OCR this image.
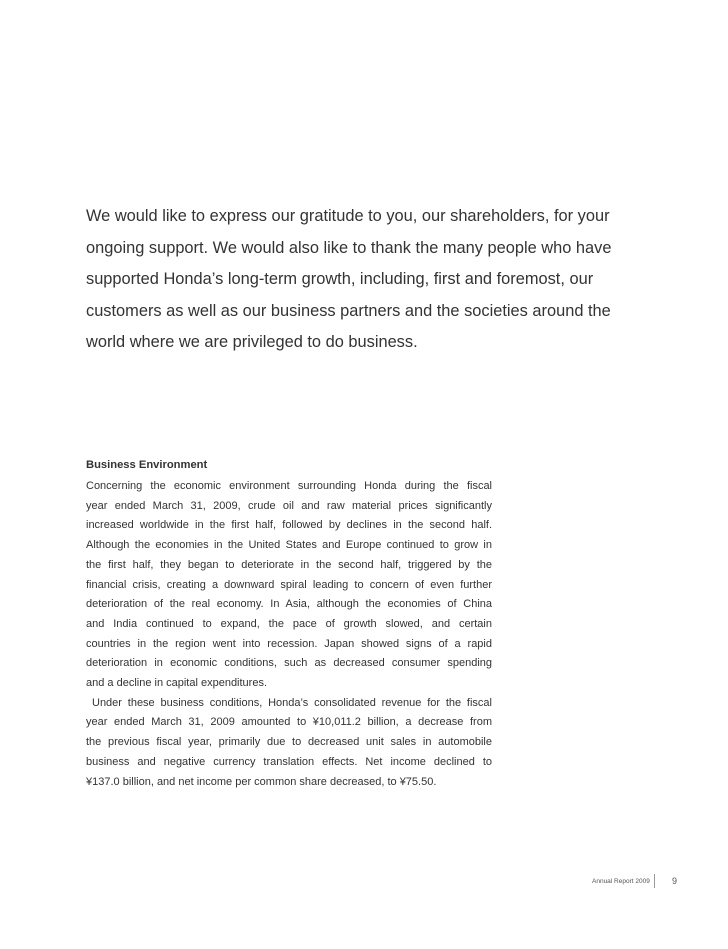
We would like to express our gratitude to you, our shareholders, for your
ongoing support. We would also like to thank the many people who have
supported Honda’s long-term growth, including, first and foremost, our
customers as well as our business partners and the societies around the
world where we are privileged to do business.
Business Environment
Concerning the economic environment surrounding Honda during the fiscal
year ended March 31, 2009, crude oil and raw material prices significantly
increased worldwide in the first half, followed by declines in the second half.
Although the economies in the United States and Europe continued to grow in
the first half, they began to deteriorate in the second half, triggered by the
financial crisis, creating a downward spiral leading to concern of even further
deterioration of the real economy. In Asia, although the economies of China
and India continued to expand, the pace of growth slowed, and certain
countries in the region went into recession. Japan showed signs of a rapid
deterioration in economic conditions, such as decreased consumer spending
and a decline in capital expenditures.
Under these business conditions, Honda’s consolidated revenue for the fiscal
year ended March 31, 2009 amounted to ¥10,011.2 billion, a decrease from
the previous fiscal year, primarily due to decreased unit sales in automobile
business and negative currency translation effects. Net income declined to
¥137.0 billion, and net income per common share decreased, to ¥75.50.
Annual Report 2009 9
